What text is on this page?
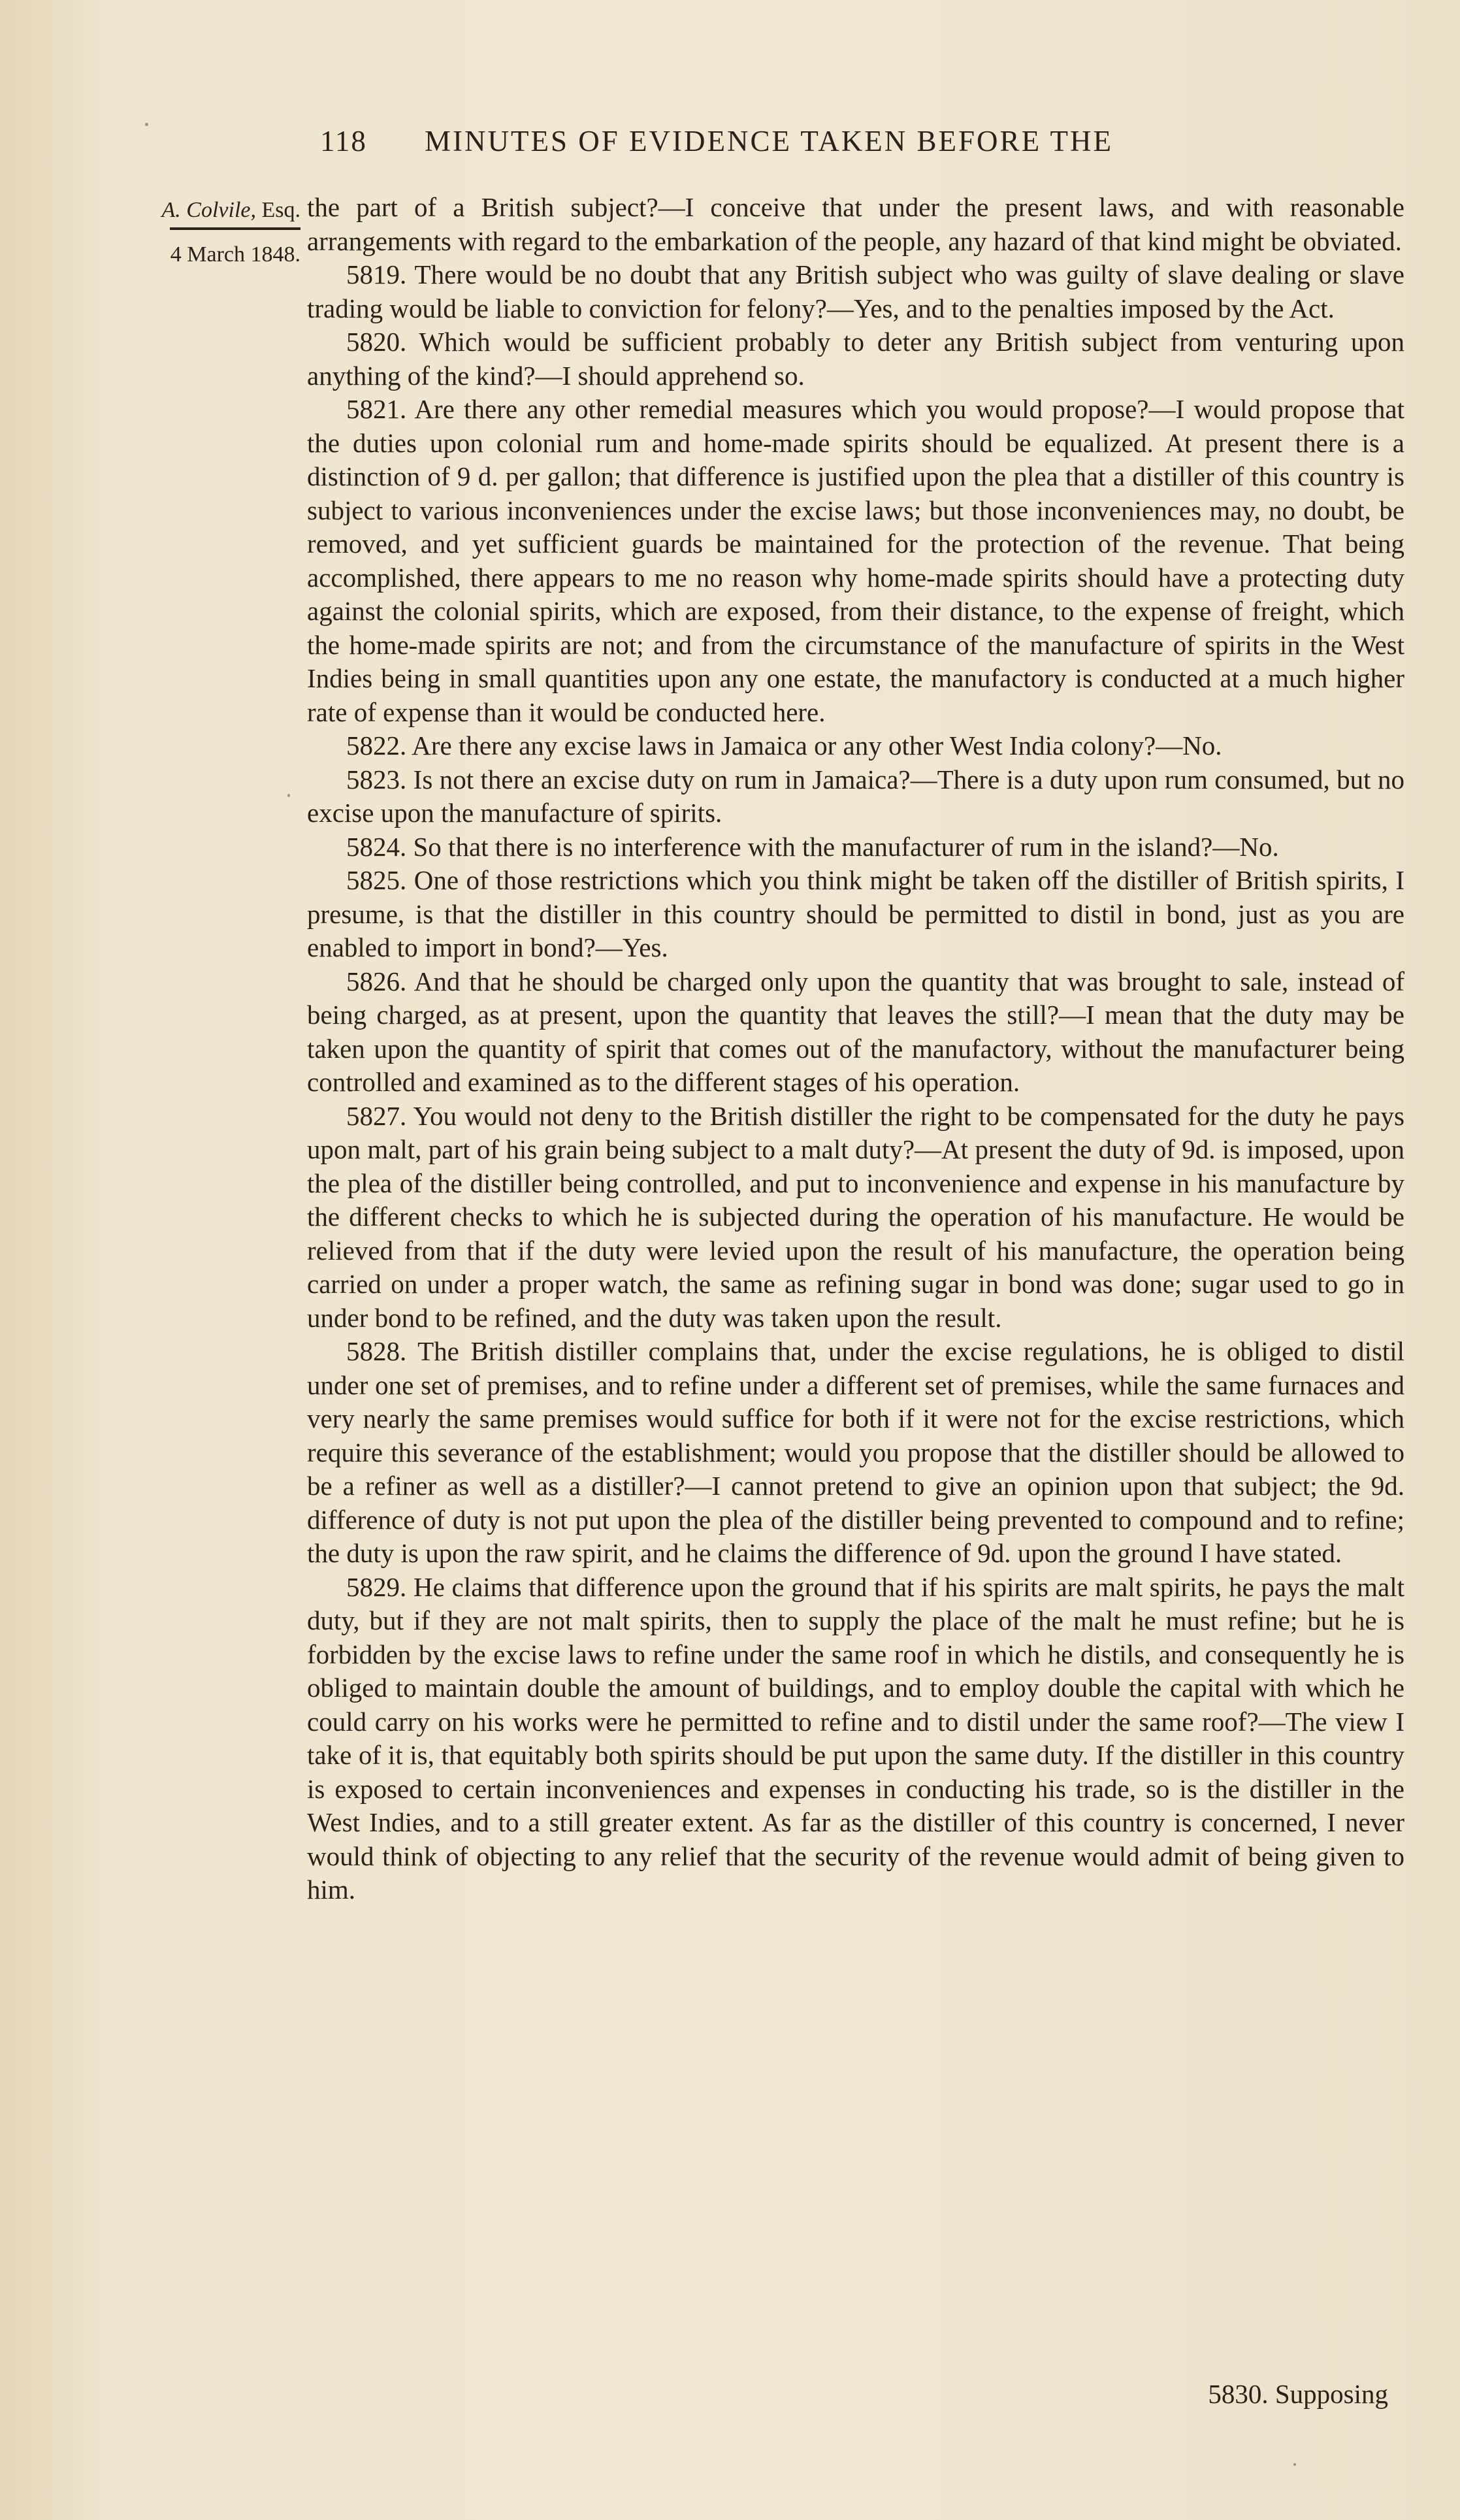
118 MINUTES OF EVIDENCE TAKEN BEFORE THE
A. Colvile, Esq.
4 March 1848.

the part of a British subject?—I conceive that under the present laws, and with reasonable arrangements with regard to the embarkation of the people, any hazard of that kind might be obviated.

5819. There would be no doubt that any British subject who was guilty of slave dealing or slave trading would be liable to conviction for felony?—Yes, and to the penalties imposed by the Act.

5820. Which would be sufficient probably to deter any British subject from venturing upon anything of the kind?—I should apprehend so.

5821. Are there any other remedial measures which you would propose?—I would propose that the duties upon colonial rum and home-made spirits should be equalized. At present there is a distinction of 9 d. per gallon; that difference is justified upon the plea that a distiller of this country is subject to various inconveniences under the excise laws; but those inconveniences may, no doubt, be removed, and yet sufficient guards be maintained for the protection of the revenue. That being accomplished, there appears to me no reason why home-made spirits should have a protecting duty against the colonial spirits, which are exposed, from their distance, to the expense of freight, which the home-made spirits are not; and from the circumstance of the manufacture of spirits in the West Indies being in small quantities upon any one estate, the manufactory is conducted at a much higher rate of expense than it would be conducted here.

5822. Are there any excise laws in Jamaica or any other West India colony?—No.

5823. Is not there an excise duty on rum in Jamaica?—There is a duty upon rum consumed, but no excise upon the manufacture of spirits.

5824. So that there is no interference with the manufacturer of rum in the island?—No.

5825. One of those restrictions which you think might be taken off the distiller of British spirits, I presume, is that the distiller in this country should be permitted to distil in bond, just as you are enabled to import in bond?—Yes.

5826. And that he should be charged only upon the quantity that was brought to sale, instead of being charged, as at present, upon the quantity that leaves the still?—I mean that the duty may be taken upon the quantity of spirit that comes out of the manufactory, without the manufacturer being controlled and examined as to the different stages of his operation.

5827. You would not deny to the British distiller the right to be compensated for the duty he pays upon malt, part of his grain being subject to a malt duty?—At present the duty of 9d. is imposed, upon the plea of the distiller being controlled, and put to inconvenience and expense in his manufacture by the different checks to which he is subjected during the operation of his manufacture. He would be relieved from that if the duty were levied upon the result of his manufacture, the operation being carried on under a proper watch, the same as refining sugar in bond was done; sugar used to go in under bond to be refined, and the duty was taken upon the result.

5828. The British distiller complains that, under the excise regulations, he is obliged to distil under one set of premises, and to refine under a different set of premises, while the same furnaces and very nearly the same premises would suffice for both if it were not for the excise restrictions, which require this severance of the establishment; would you propose that the distiller should be allowed to be a refiner as well as a distiller?—I cannot pretend to give an opinion upon that subject; the 9d. difference of duty is not put upon the plea of the distiller being prevented to compound and to refine; the duty is upon the raw spirit, and he claims the difference of 9d. upon the ground I have stated.

5829. He claims that difference upon the ground that if his spirits are malt spirits, he pays the malt duty, but if they are not malt spirits, then to supply the place of the malt he must refine; but he is forbidden by the excise laws to refine under the same roof in which he distils, and consequently he is obliged to maintain double the amount of buildings, and to employ double the capital with which he could carry on his works were he permitted to refine and to distil under the same roof?—The view I take of it is, that equitably both spirits should be put upon the same duty. If the distiller in this country is exposed to certain inconveniences and expenses in conducting his trade, so is the distiller in the West Indies, and to a still greater extent. As far as the distiller of this country is concerned, I never would think of objecting to any relief that the security of the revenue would admit of being given to him.

5830. Supposing
